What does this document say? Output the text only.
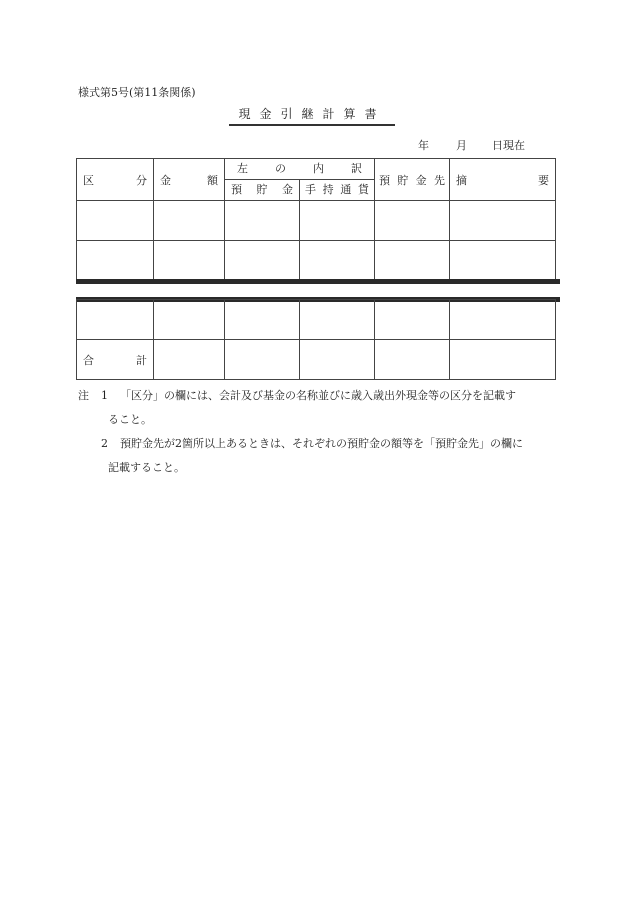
様式第5号(第11条関係)
現金引継計算書
年 月 日現在
区 分	金 額	左 の 内 訳		預 貯 金 先	摘 要

		預 貯 金	手 持 通 貨		

合 計					

注 1 「区分」の欄には、会計及び基金の名称並びに歳入歳出外現金等の区分を記載す
ること。
2 預貯金先が2箇所以上あるときは、それぞれの預貯金の額等を「預貯金先」の欄に
記載すること。
